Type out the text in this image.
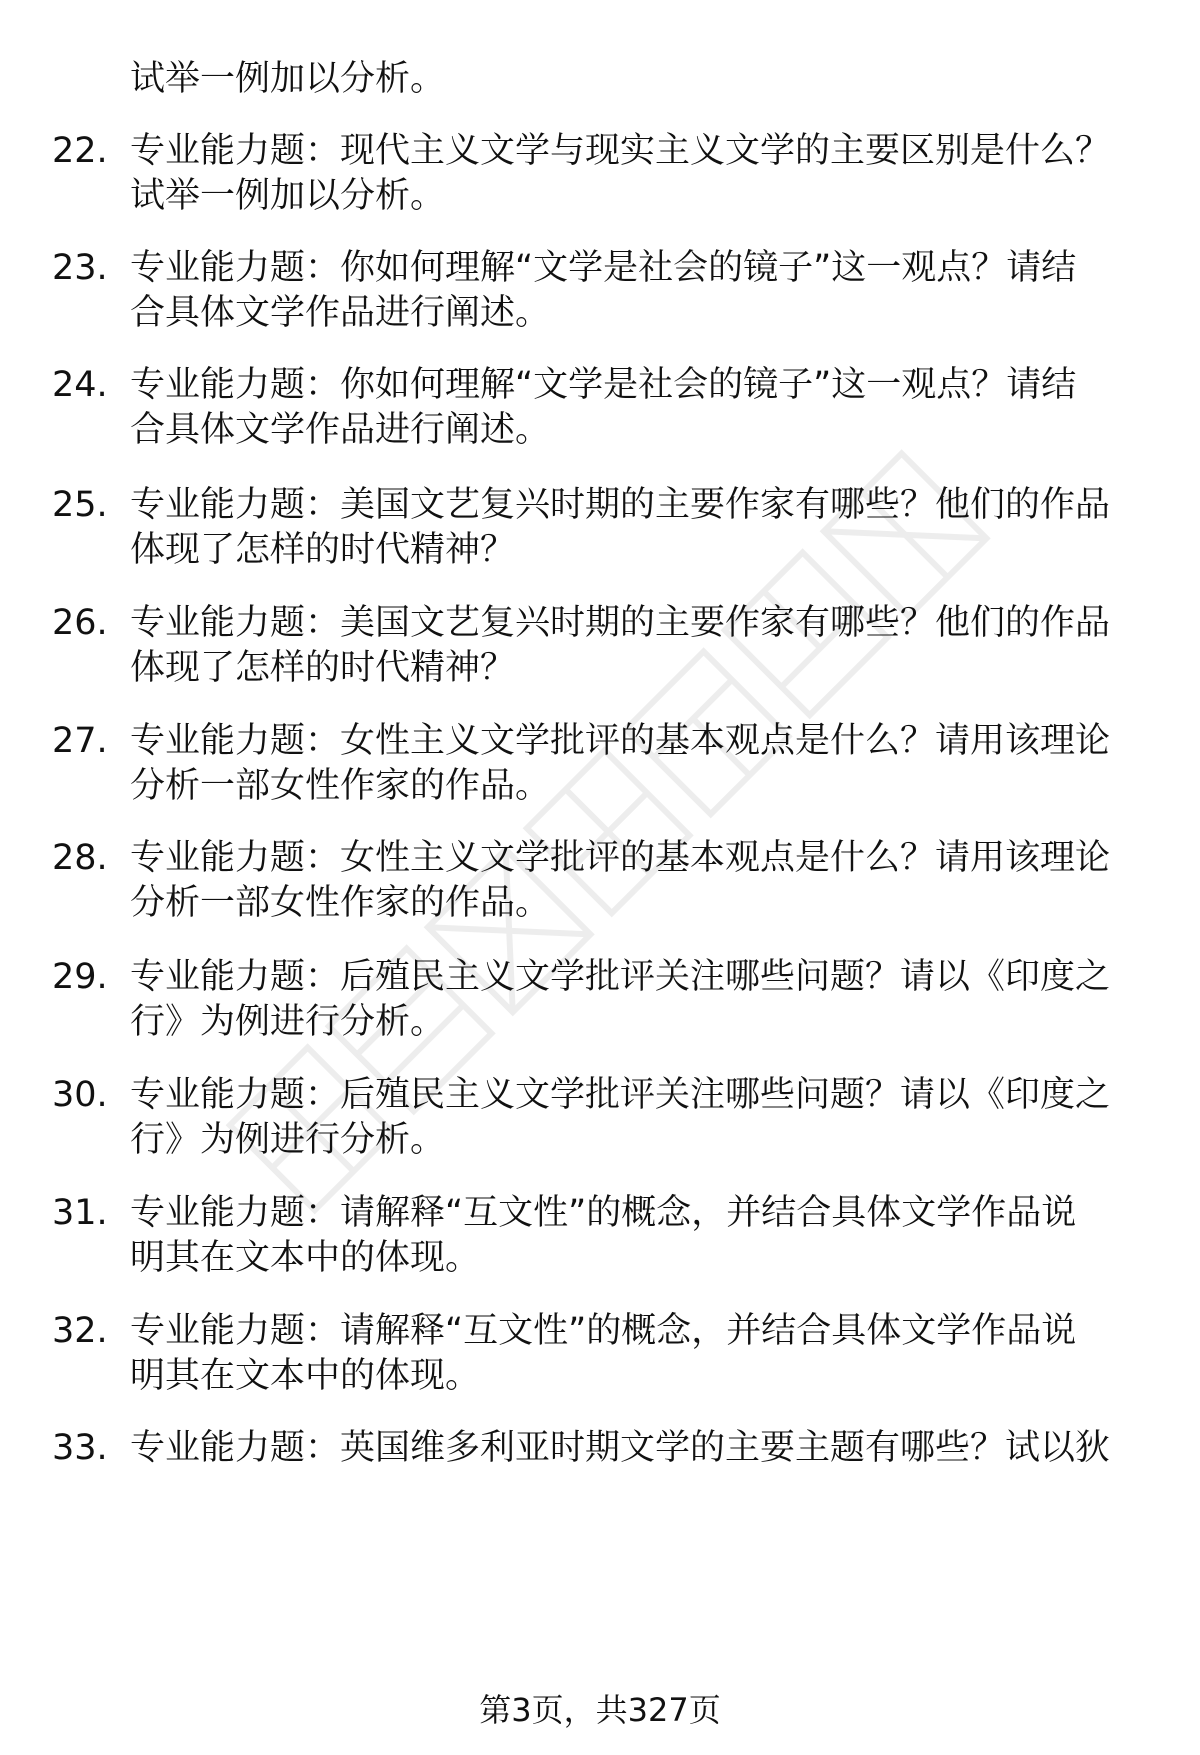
试举一例加以分析。
22. 专业能力题：现代主义文学与现实主义文学的主要区别是什么？
试举一例加以分析。
23. 专业能力题：你如何理解“文学是社会的镜子”这一观点？请结
合具体文学作品进行阐述。
24. 专业能力题：你如何理解“文学是社会的镜子”这一观点？请结
合具体文学作品进行阐述。
25. 专业能力题：美国文艺复兴时期的主要作家有哪些？他们的作品
体现了怎样的时代精神？
26. 专业能力题：美国文艺复兴时期的主要作家有哪些？他们的作品
体现了怎样的时代精神？
27. 专业能力题：女性主义文学批评的基本观点是什么？请用该理论
分析一部女性作家的作品。
28. 专业能力题：女性主义文学批评的基本观点是什么？请用该理论
分析一部女性作家的作品。
29. 专业能力题：后殖民主义文学批评关注哪些问题？请以《印度之
行》为例进行分析。
30. 专业能力题：后殖民主义文学批评关注哪些问题？请以《印度之
行》为例进行分析。
31. 专业能力题：请解释“互文性”的概念，并结合具体文学作品说
明其在文本中的体现。
32. 专业能力题：请解释“互文性”的概念，并结合具体文学作品说
明其在文本中的体现。
33. 专业能力题：英国维多利亚时期文学的主要主题有哪些？试以狄
第3页，共327页
